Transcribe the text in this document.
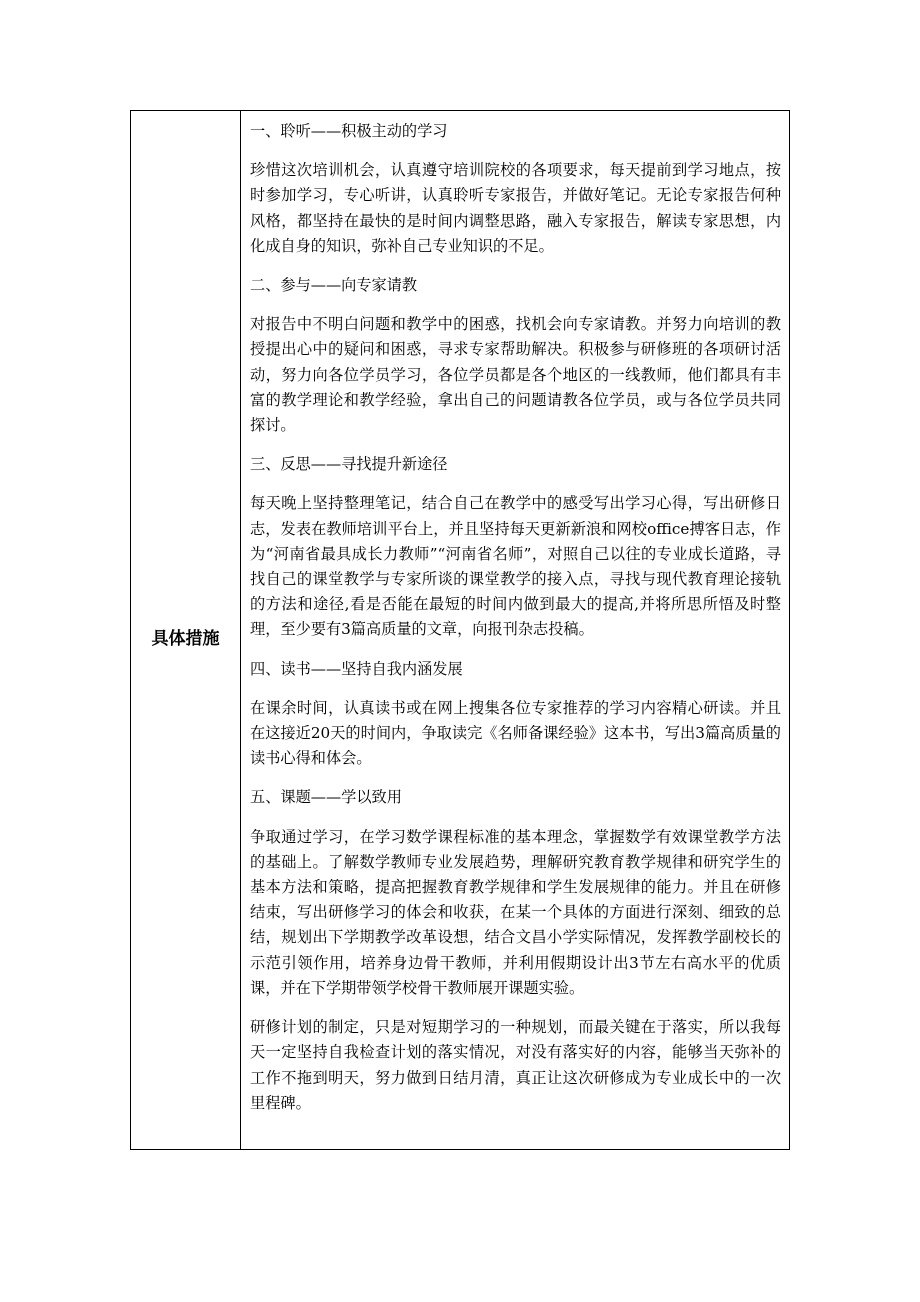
具体措施

一、聆听——积极主动的学习

珍惜这次培训机会，认真遵守培训院校的各项要求，每天提前到学习地点，按时参加学习，专心听讲，认真聆听专家报告，并做好笔记。无论专家报告何种风格，都坚持在最快的是时间内调整思路，融入专家报告，解读专家思想，内化成自身的知识，弥补自己专业知识的不足。

二、参与——向专家请教

对报告中不明白问题和教学中的困惑，找机会向专家请教。并努力向培训的教授提出心中的疑问和困惑，寻求专家帮助解决。积极参与研修班的各项研讨活动，努力向各位学员学习，各位学员都是各个地区的一线教师，他们都具有丰富的教学理论和教学经验，拿出自己的问题请教各位学员，或与各位学员共同探讨。

三、反思——寻找提升新途径

每天晚上坚持整理笔记，结合自己在教学中的感受写出学习心得，写出研修日志，发表在教师培训平台上，并且坚持每天更新新浪和网校office搏客日志，作为“河南省最具成长力教师”“河南省名师”，对照自己以往的专业成长道路，寻找自己的课堂教学与专家所谈的课堂教学的接入点，寻找与现代教育理论接轨的方法和途径,看是否能在最短的时间内做到最大的提高,并将所思所悟及时整理，至少要有3篇高质量的文章，向报刊杂志投稿。

四、读书——坚持自我内涵发展

在课余时间，认真读书或在网上搜集各位专家推荐的学习内容精心研读。并且在这接近20天的时间内，争取读完《名师备课经验》这本书，写出3篇高质量的读书心得和体会。

五、课题——学以致用

争取通过学习，在学习数学课程标准的基本理念，掌握数学有效课堂教学方法的基础上。了解数学教师专业发展趋势，理解研究教育教学规律和研究学生的基本方法和策略，提高把握教育教学规律和学生发展规律的能力。并且在研修结束，写出研修学习的体会和收获，在某一个具体的方面进行深刻、细致的总结，规划出下学期教学改革设想，结合文昌小学实际情况，发挥教学副校长的示范引领作用，培养身边骨干教师，并利用假期设计出3节左右高水平的优质课，并在下学期带领学校骨干教师展开课题实验。

研修计划的制定，只是对短期学习的一种规划，而最关键在于落实，所以我每天一定坚持自我检查计划的落实情况，对没有落实好的内容，能够当天弥补的工作不拖到明天，努力做到日结月清，真正让这次研修成为专业成长中的一次里程碑。
